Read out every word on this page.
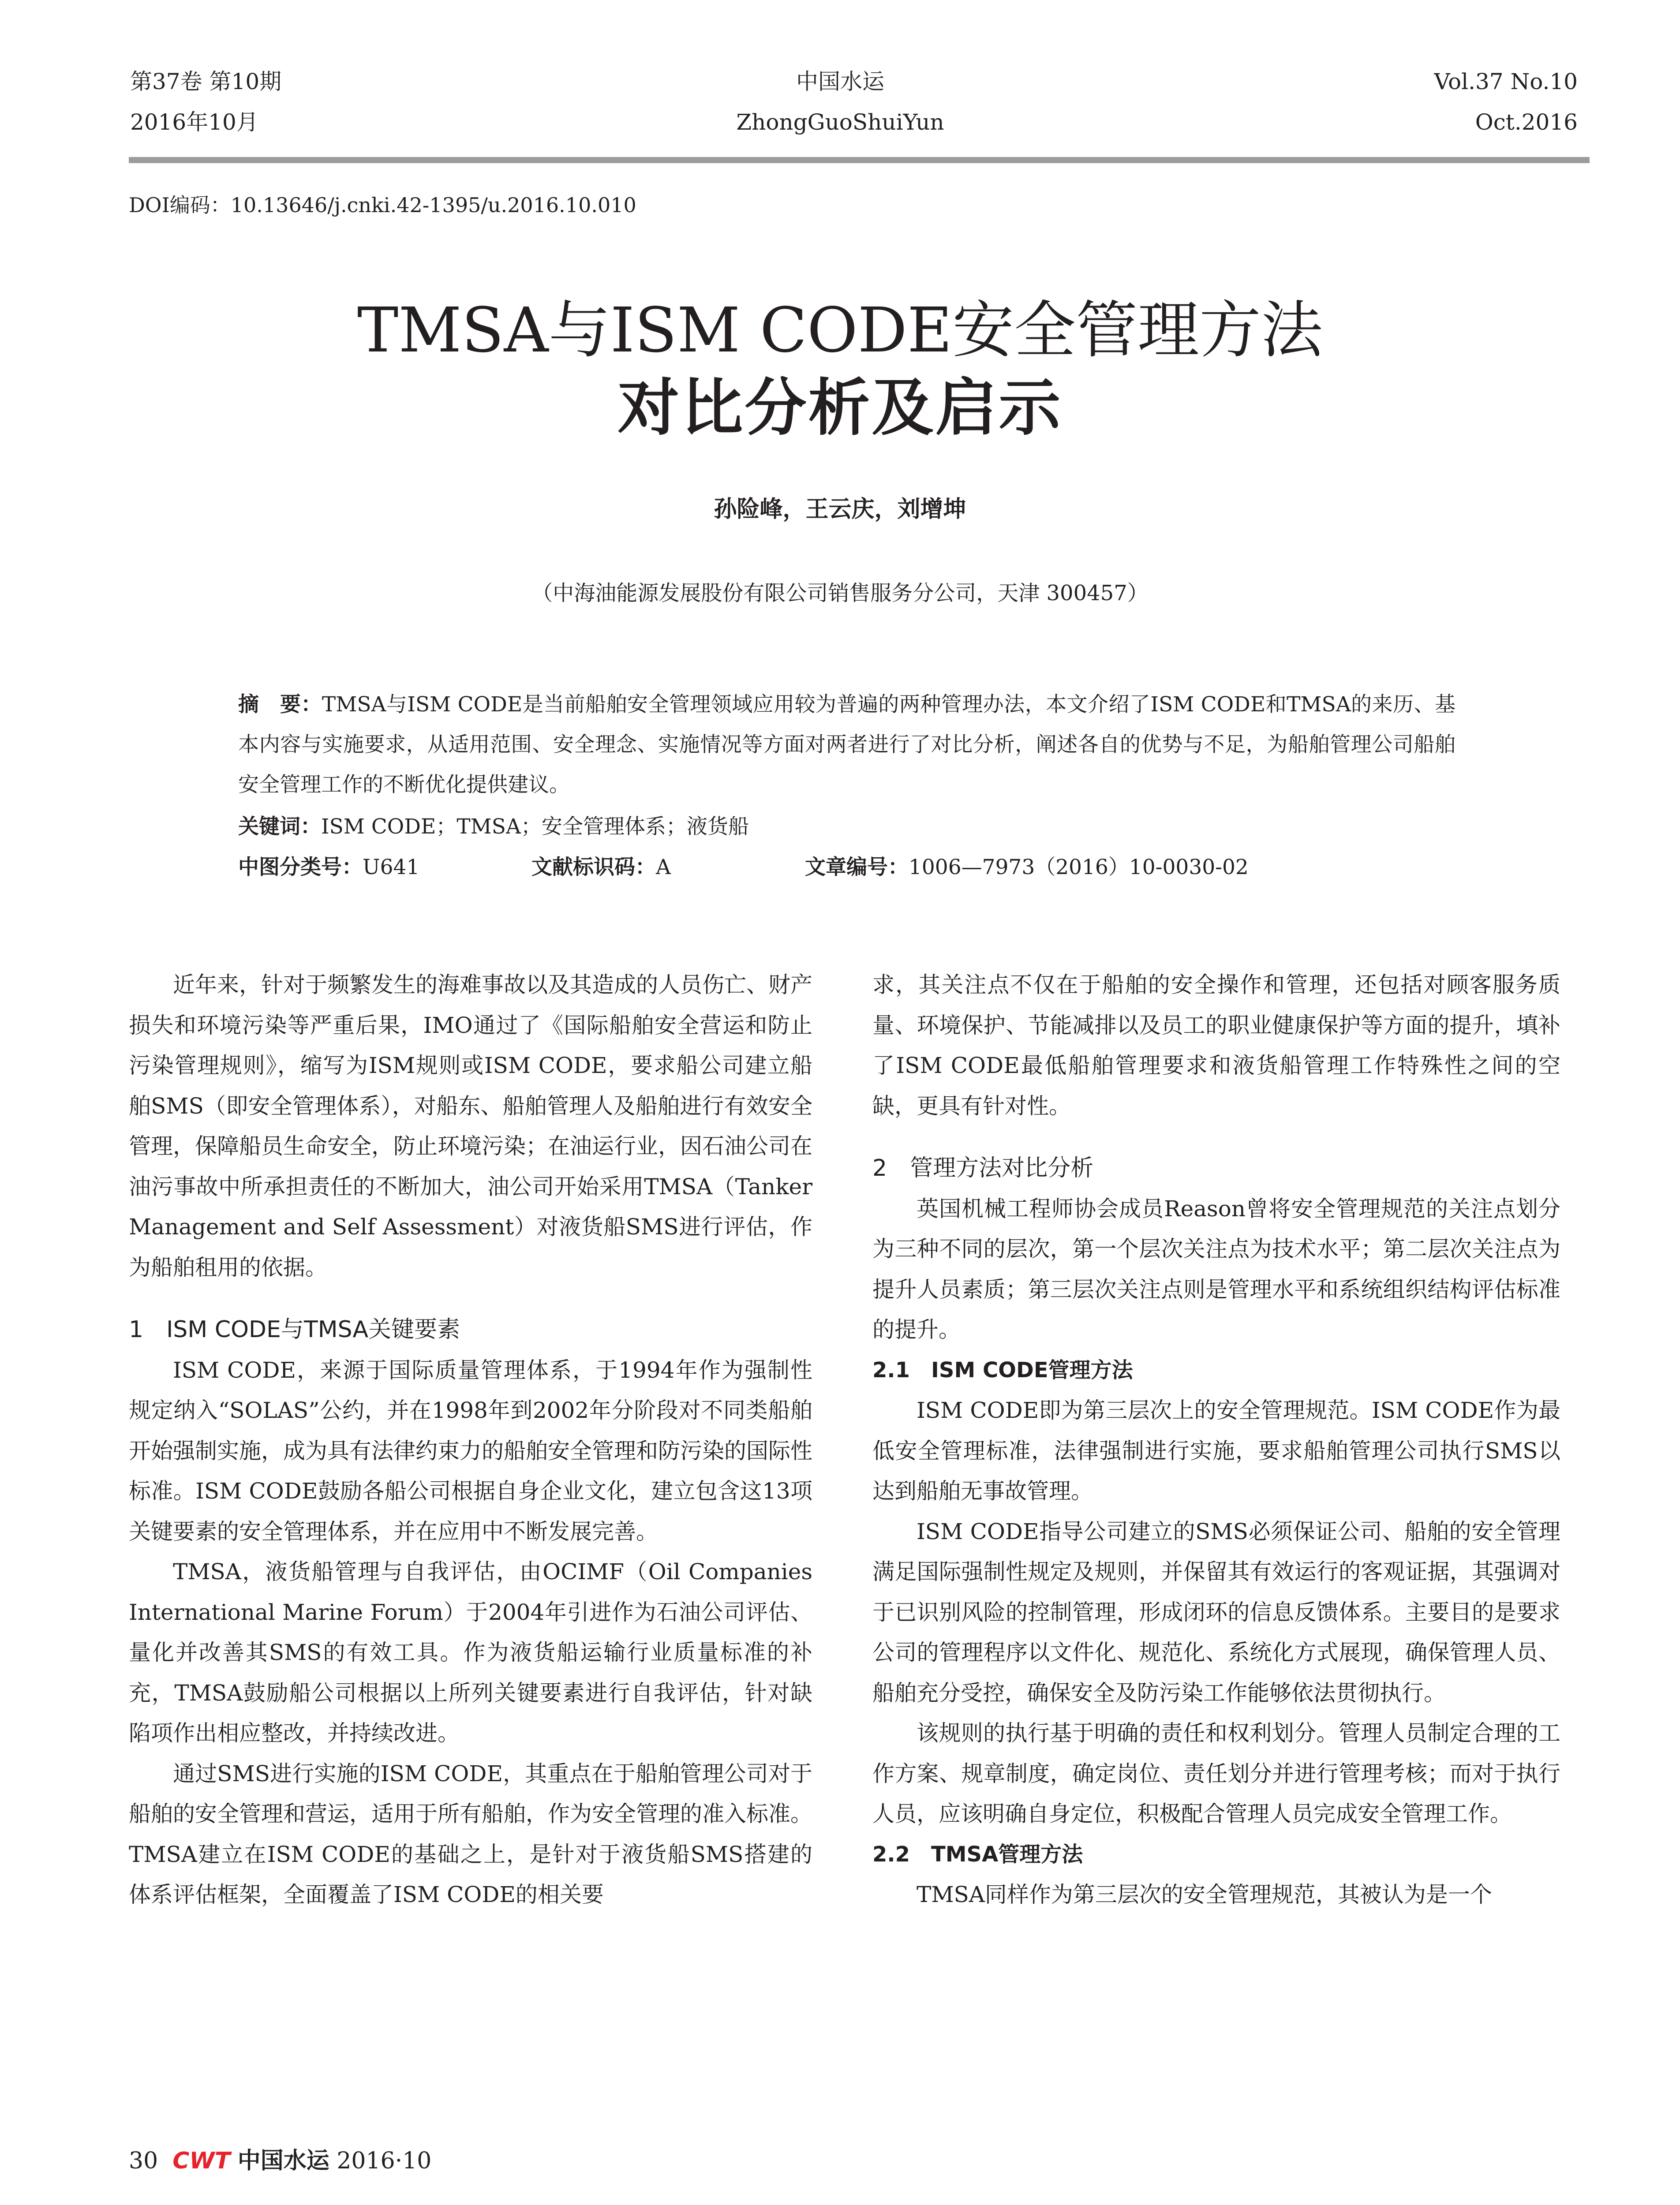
第37卷 第10期
2016年10月
中国水运
ZhongGuoShuiYun
Vol.37 No.10
Oct.2016
DOI编码：10.13646/j.cnki.42-1395/u.2016.10.010
TMSA与ISM CODE安全管理方法
对比分析及启示
孙险峰，王云庆，刘增坤
（中海油能源发展股份有限公司销售服务分公司，天津 300457）
摘　要：TMSA与ISM CODE是当前船舶安全管理领域应用较为普遍的两种管理办法，本文介绍了ISM CODE和TMSA的来历、基本内容与实施要求，从适用范围、安全理念、实施情况等方面对两者进行了对比分析，阐述各自的优势与不足，为船舶管理公司船舶安全管理工作的不断优化提供建议。
关键词：ISM CODE；TMSA；安全管理体系；液货船
中图分类号：U641	文献标识码：A	文章编号：1006—7973（2016）10-0030-02

近年来，针对于频繁发生的海难事故以及其造成的人员伤亡、财产损失和环境污染等严重后果，IMO通过了《国际船舶安全营运和防止污染管理规则》，缩写为ISM规则或ISM CODE，要求船公司建立船舶SMS（即安全管理体系），对船东、船舶管理人及船舶进行有效安全管理，保障船员生命安全，防止环境污染；在油运行业，因石油公司在油污事故中所承担责任的不断加大，油公司开始采用TMSA（Tanker Management and Self Assessment）对液货船SMS进行评估，作为船舶租用的依据。

1　ISM CODE与TMSA关键要素

ISM CODE，来源于国际质量管理体系，于1994年作为强制性规定纳入“SOLAS”公约，并在1998年到2002年分阶段对不同类船舶开始强制实施，成为具有法律约束力的船舶安全管理和防污染的国际性标准。ISM CODE鼓励各船公司根据自身企业文化，建立包含这13项关键要素的安全管理体系，并在应用中不断发展完善。

TMSA，液货船管理与自我评估，由OCIMF（Oil Companies International Marine Forum）于2004年引进作为石油公司评估、量化并改善其SMS的有效工具。作为液货船运输行业质量标准的补充，TMSA鼓励船公司根据以上所列关键要素进行自我评估，针对缺陷项作出相应整改，并持续改进。

通过SMS进行实施的ISM CODE，其重点在于船舶管理公司对于船舶的安全管理和营运，适用于所有船舶，作为安全管理的准入标准。TMSA建立在ISM CODE的基础之上，是针对于液货船SMS搭建的体系评估框架，全面覆盖了ISM CODE的相关要

求，其关注点不仅在于船舶的安全操作和管理，还包括对顾客服务质量、环境保护、节能减排以及员工的职业健康保护等方面的提升，填补了ISM CODE最低船舶管理要求和液货船管理工作特殊性之间的空缺，更具有针对性。

2　管理方法对比分析

英国机械工程师协会成员Reason曾将安全管理规范的关注点划分为三种不同的层次，第一个层次关注点为技术水平；第二层次关注点为提升人员素质；第三层次关注点则是管理水平和系统组织结构评估标准的提升。

2.1　ISM CODE管理方法

ISM CODE即为第三层次上的安全管理规范。ISM CODE作为最低安全管理标准，法律强制进行实施，要求船舶管理公司执行SMS以达到船舶无事故管理。

ISM CODE指导公司建立的SMS必须保证公司、船舶的安全管理满足国际强制性规定及规则，并保留其有效运行的客观证据，其强调对于已识别风险的控制管理，形成闭环的信息反馈体系。主要目的是要求公司的管理程序以文件化、规范化、系统化方式展现，确保管理人员、船舶充分受控，确保安全及防污染工作能够依法贯彻执行。

该规则的执行基于明确的责任和权利划分。管理人员制定合理的工作方案、规章制度，确定岗位、责任划分并进行管理考核；而对于执行人员，应该明确自身定位，积极配合管理人员完成安全管理工作。

2.2　TMSA管理方法

TMSA同样作为第三层次的安全管理规范，其被认为是一个

30 CWT 中国水运 2016·10
